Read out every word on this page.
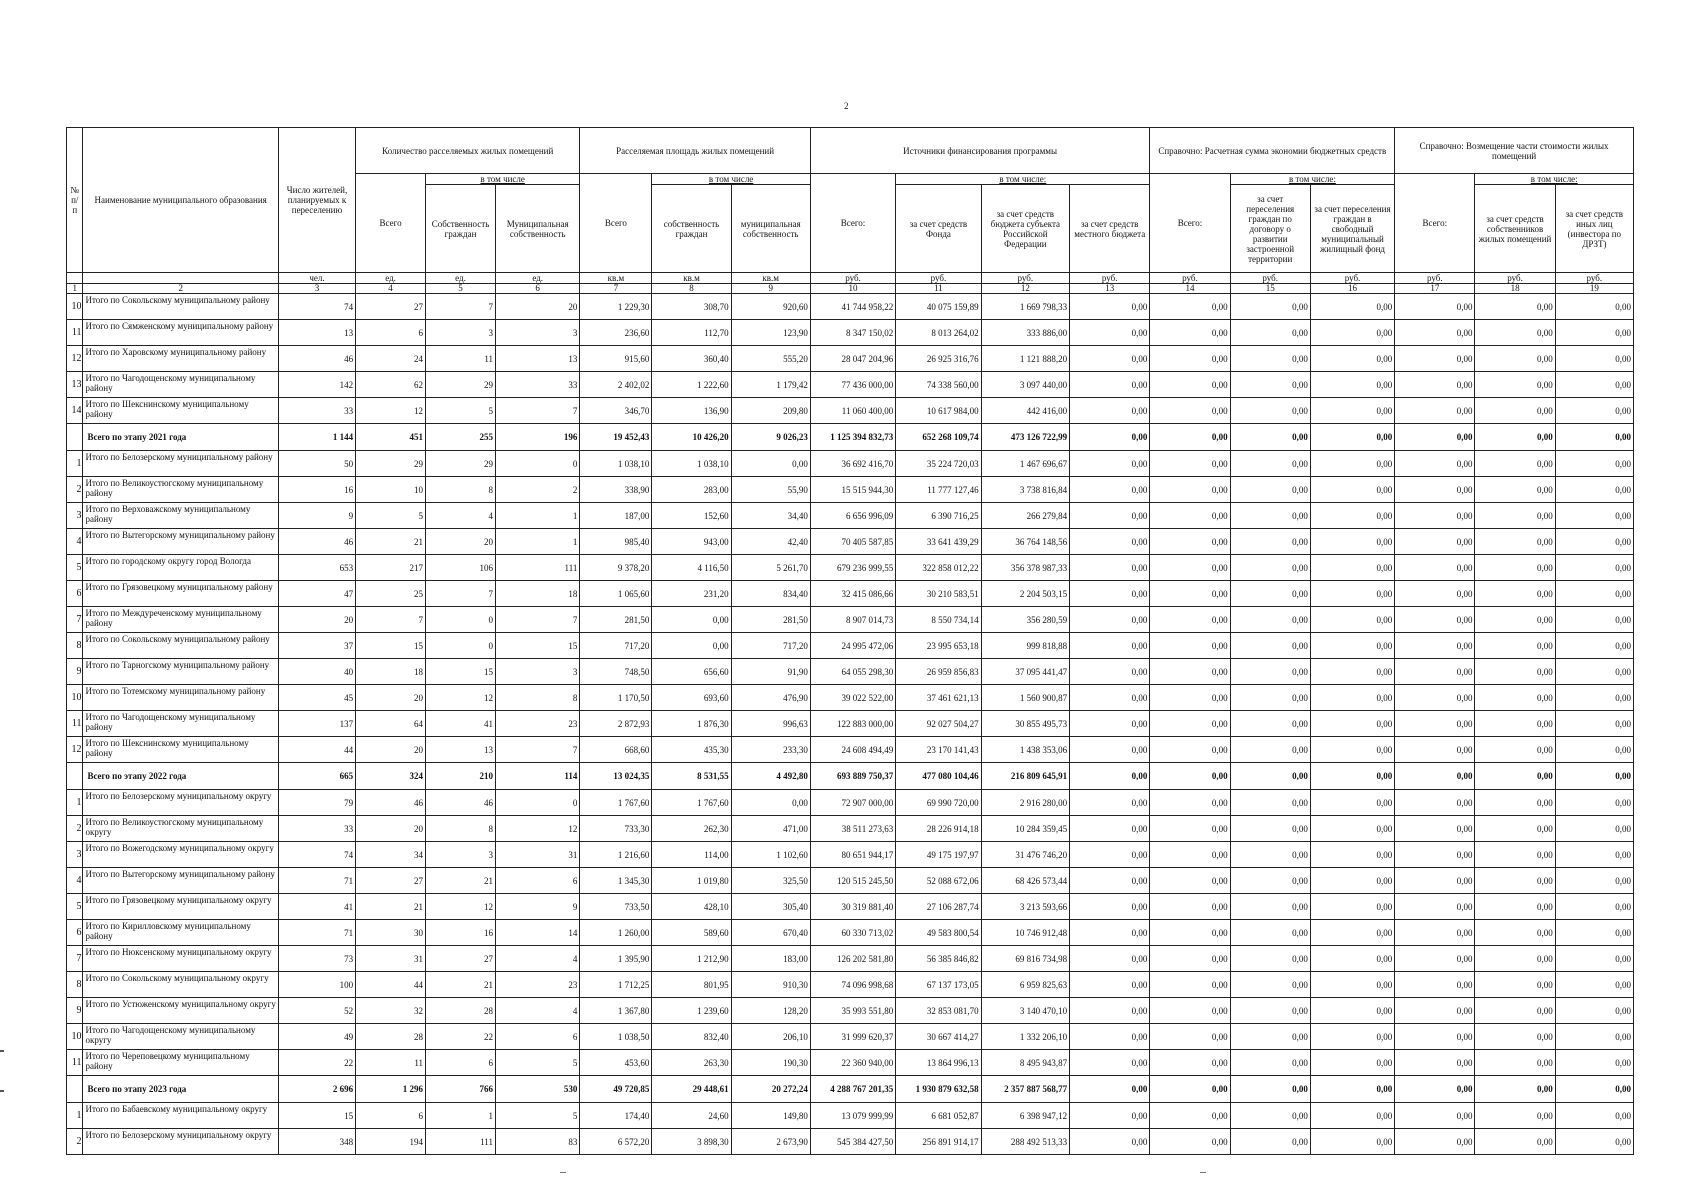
2
№ п/ п	Наименование муниципального образования	Число жителей, планируемых к переселению	Количество расселяемых жилых помещений			Расселяемая площадь жилых помещений			Источники финансирования программы				Справочно: Расчетная сумма экономии бюджетных средств			Справочно: Возмещение части стоимости жилых помещений		
			Всего	в том числе		Всего	в том числе		Всего:	в том числе:			Всего:	в том числе:		Всего:	в том числе:	
				Собственность граждан	Муниципальная собственность		собственность граждан	муниципальная собственность		за счет средств Фонда	за счет средств бюджета субъекта Российской Федерации	за счет средств местного бюджета		за счет переселения граждан по договору о развитии застроенной территории	за счет переселения граждан в свободный муниципальный жилищный фонд		за счет средств собственников жилых помещений	за счет средств иных лиц (инвестора по ДРЗТ)
		чел.	ед.	ед.	ед.	кв.м	кв.м	кв.м	руб.	руб.	руб.	руб.	руб.	руб.	руб.	руб.	руб.	руб.
1	2	3	4	5	6	7	8	9	10	11	12	13	14	15	16	17	18	19
10	Итого по Сокольскому муниципальному району	74	27	7	20	1 229,30	308,70	920,60	41 744 958,22	40 075 159,89	1 669 798,33	0,00	0,00	0,00	0,00	0,00	0,00	0,00
11	Итого по Сямженскому муниципальному району	13	6	3	3	236,60	112,70	123,90	8 347 150,02	8 013 264,02	333 886,00	0,00	0,00	0,00	0,00	0,00	0,00	0,00
12	Итого по Харовскому муниципальному району	46	24	11	13	915,60	360,40	555,20	28 047 204,96	26 925 316,76	1 121 888,20	0,00	0,00	0,00	0,00	0,00	0,00	0,00
13	Итого по Чагодощенскому муниципальному району	142	62	29	33	2 402,02	1 222,60	1 179,42	77 436 000,00	74 338 560,00	3 097 440,00	0,00	0,00	0,00	0,00	0,00	0,00	0,00
14	Итого по Шекснинскому муниципальному району	33	12	5	7	346,70	136,90	209,80	11 060 400,00	10 617 984,00	442 416,00	0,00	0,00	0,00	0,00	0,00	0,00	0,00
	Всего по этапу 2021 года	1 144	451	255	196	19 452,43	10 426,20	9 026,23	1 125 394 832,73	652 268 109,74	473 126 722,99	0,00	0,00	0,00	0,00	0,00	0,00	0,00
1	Итого по Белозерскому муниципальному району	50	29	29	0	1 038,10	1 038,10	0,00	36 692 416,70	35 224 720,03	1 467 696,67	0,00	0,00	0,00	0,00	0,00	0,00	0,00
2	Итого по Великоустюгскому муниципальному району	16	10	8	2	338,90	283,00	55,90	15 515 944,30	11 777 127,46	3 738 816,84	0,00	0,00	0,00	0,00	0,00	0,00	0,00
3	Итого по Верховажскому муниципальному району	9	5	4	1	187,00	152,60	34,40	6 656 996,09	6 390 716,25	266 279,84	0,00	0,00	0,00	0,00	0,00	0,00	0,00
4	Итого по Вытегорскому муниципальному району	46	21	20	1	985,40	943,00	42,40	70 405 587,85	33 641 439,29	36 764 148,56	0,00	0,00	0,00	0,00	0,00	0,00	0,00
5	Итого по городскому округу город Вологда	653	217	106	111	9 378,20	4 116,50	5 261,70	679 236 999,55	322 858 012,22	356 378 987,33	0,00	0,00	0,00	0,00	0,00	0,00	0,00
6	Итого по Грязовецкому муниципальному району	47	25	7	18	1 065,60	231,20	834,40	32 415 086,66	30 210 583,51	2 204 503,15	0,00	0,00	0,00	0,00	0,00	0,00	0,00
7	Итого по Междуреченскому муниципальному району	20	7	0	7	281,50	0,00	281,50	8 907 014,73	8 550 734,14	356 280,59	0,00	0,00	0,00	0,00	0,00	0,00	0,00
8	Итого по Сокольскому муниципальному району	37	15	0	15	717,20	0,00	717,20	24 995 472,06	23 995 653,18	999 818,88	0,00	0,00	0,00	0,00	0,00	0,00	0,00
9	Итого по Тарногскому муниципальному району	40	18	15	3	748,50	656,60	91,90	64 055 298,30	26 959 856,83	37 095 441,47	0,00	0,00	0,00	0,00	0,00	0,00	0,00
10	Итого по Тотемскому муниципальному району	45	20	12	8	1 170,50	693,60	476,90	39 022 522,00	37 461 621,13	1 560 900,87	0,00	0,00	0,00	0,00	0,00	0,00	0,00
11	Итого по Чагодощенскому муниципальному району	137	64	41	23	2 872,93	1 876,30	996,63	122 883 000,00	92 027 504,27	30 855 495,73	0,00	0,00	0,00	0,00	0,00	0,00	0,00
12	Итого по Шекснинскому муниципальному району	44	20	13	7	668,60	435,30	233,30	24 608 494,49	23 170 141,43	1 438 353,06	0,00	0,00	0,00	0,00	0,00	0,00	0,00
	Всего по этапу 2022 года	665	324	210	114	13 024,35	8 531,55	4 492,80	693 889 750,37	477 080 104,46	216 809 645,91	0,00	0,00	0,00	0,00	0,00	0,00	0,00
1	Итого по Белозерскому муниципальному округу	79	46	46	0	1 767,60	1 767,60	0,00	72 907 000,00	69 990 720,00	2 916 280,00	0,00	0,00	0,00	0,00	0,00	0,00	0,00
2	Итого по Великоустюгскому муниципальному округу	33	20	8	12	733,30	262,30	471,00	38 511 273,63	28 226 914,18	10 284 359,45	0,00	0,00	0,00	0,00	0,00	0,00	0,00
3	Итого по Вожегодскому муниципальному округу	74	34	3	31	1 216,60	114,00	1 102,60	80 651 944,17	49 175 197,97	31 476 746,20	0,00	0,00	0,00	0,00	0,00	0,00	0,00
4	Итого по Вытегорскому муниципальному району	71	27	21	6	1 345,30	1 019,80	325,50	120 515 245,50	52 088 672,06	68 426 573,44	0,00	0,00	0,00	0,00	0,00	0,00	0,00
5	Итого по Грязовецкому муниципальному округу	41	21	12	9	733,50	428,10	305,40	30 319 881,40	27 106 287,74	3 213 593,66	0,00	0,00	0,00	0,00	0,00	0,00	0,00
6	Итого по Кирилловскому муниципальному району	71	30	16	14	1 260,00	589,60	670,40	60 330 713,02	49 583 800,54	10 746 912,48	0,00	0,00	0,00	0,00	0,00	0,00	0,00
7	Итого по Нюксенскому муниципальному округу	73	31	27	4	1 395,90	1 212,90	183,00	126 202 581,80	56 385 846,82	69 816 734,98	0,00	0,00	0,00	0,00	0,00	0,00	0,00
8	Итого по Сокольскому муниципальному округу	100	44	21	23	1 712,25	801,95	910,30	74 096 998,68	67 137 173,05	6 959 825,63	0,00	0,00	0,00	0,00	0,00	0,00	0,00
9	Итого по Устюженскому муниципальному округу	52	32	28	4	1 367,80	1 239,60	128,20	35 993 551,80	32 853 081,70	3 140 470,10	0,00	0,00	0,00	0,00	0,00	0,00	0,00
10	Итого по Чагодощенскому муниципальному округу	49	28	22	6	1 038,50	832,40	206,10	31 999 620,37	30 667 414,27	1 332 206,10	0,00	0,00	0,00	0,00	0,00	0,00	0,00
11	Итого по Череповецкому муниципальному району	22	11	6	5	453,60	263,30	190,30	22 360 940,00	13 864 996,13	8 495 943,87	0,00	0,00	0,00	0,00	0,00	0,00	0,00
	Всего по этапу 2023 года	2 696	1 296	766	530	49 720,85	29 448,61	20 272,24	4 288 767 201,35	1 930 879 632,58	2 357 887 568,77	0,00	0,00	0,00	0,00	0,00	0,00	0,00
1	Итого по Бабаевскому муниципальному округу	15	6	1	5	174,40	24,60	149,80	13 079 999,99	6 681 052,87	6 398 947,12	0,00	0,00	0,00	0,00	0,00	0,00	0,00
2	Итого по Белозерскому муниципальному округу	348	194	111	83	6 572,20	3 898,30	2 673,90	545 384 427,50	256 891 914,17	288 492 513,33	0,00	0,00	0,00	0,00	0,00	0,00	0,00
